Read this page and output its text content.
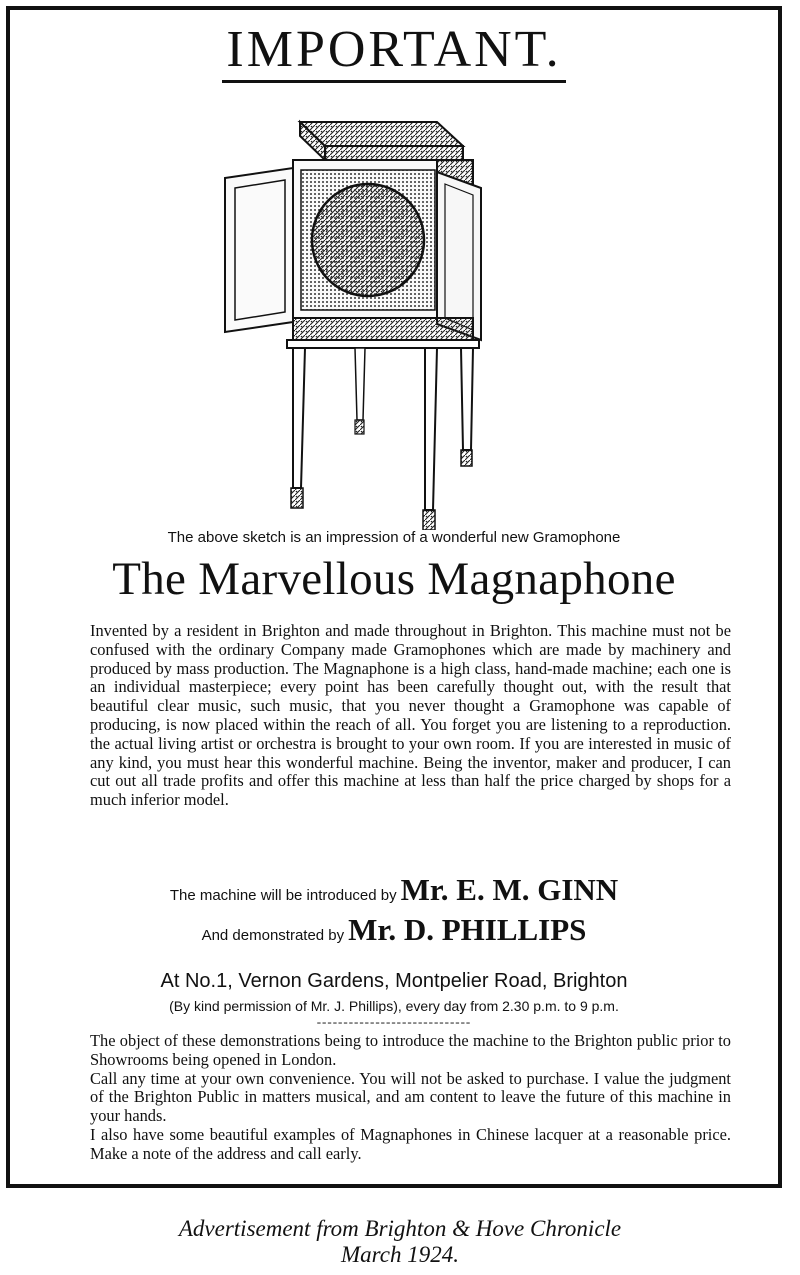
IMPORTANT.
The above sketch is an impression of a wonderful new Gramophone
The Marvellous Magnaphone
Invented by a resident in Brighton and made throughout in Brighton. This machine must not be confused with the ordinary Company made Gramophones which are made by machinery and produced by mass production. The Magnaphone is a high class, hand-made machine; each one is an individual masterpiece; every point has been carefully thought out, with the result that beautiful clear music, such music, that you never thought a Gramophone was capable of producing, is now placed within the reach of all. You forget you are listening to a reproduction. the actual living artist or orchestra is brought to your own room. If you are interested in music of any kind, you must hear this wonderful machine. Being the inventor, maker and producer, I can cut out all trade profits and offer this machine at less than half the price charged by shops for a much inferior model.
The machine will be introduced by Mr. E. M. GINN
And demonstrated by Mr. D. PHILLIPS
At No.1, Vernon Gardens, Montpelier Road, Brighton
(By kind permission of Mr. J. Phillips), every day from 2.30 p.m. to 9 p.m.
-----------------------------

The object of these demonstrations being to introduce the machine to the Brighton public prior to Showrooms being opened in London.

Call any time at your own convenience. You will not be asked to purchase. I value the judgment of the Brighton Public in matters musical, and am content to leave the future of this machine in your hands.

I also have some beautiful examples of Magnaphones in Chinese lacquer at a reasonable price. Make a note of the address and call early.

Advertisement from Brighton & Hove Chronicle
March 1924.
